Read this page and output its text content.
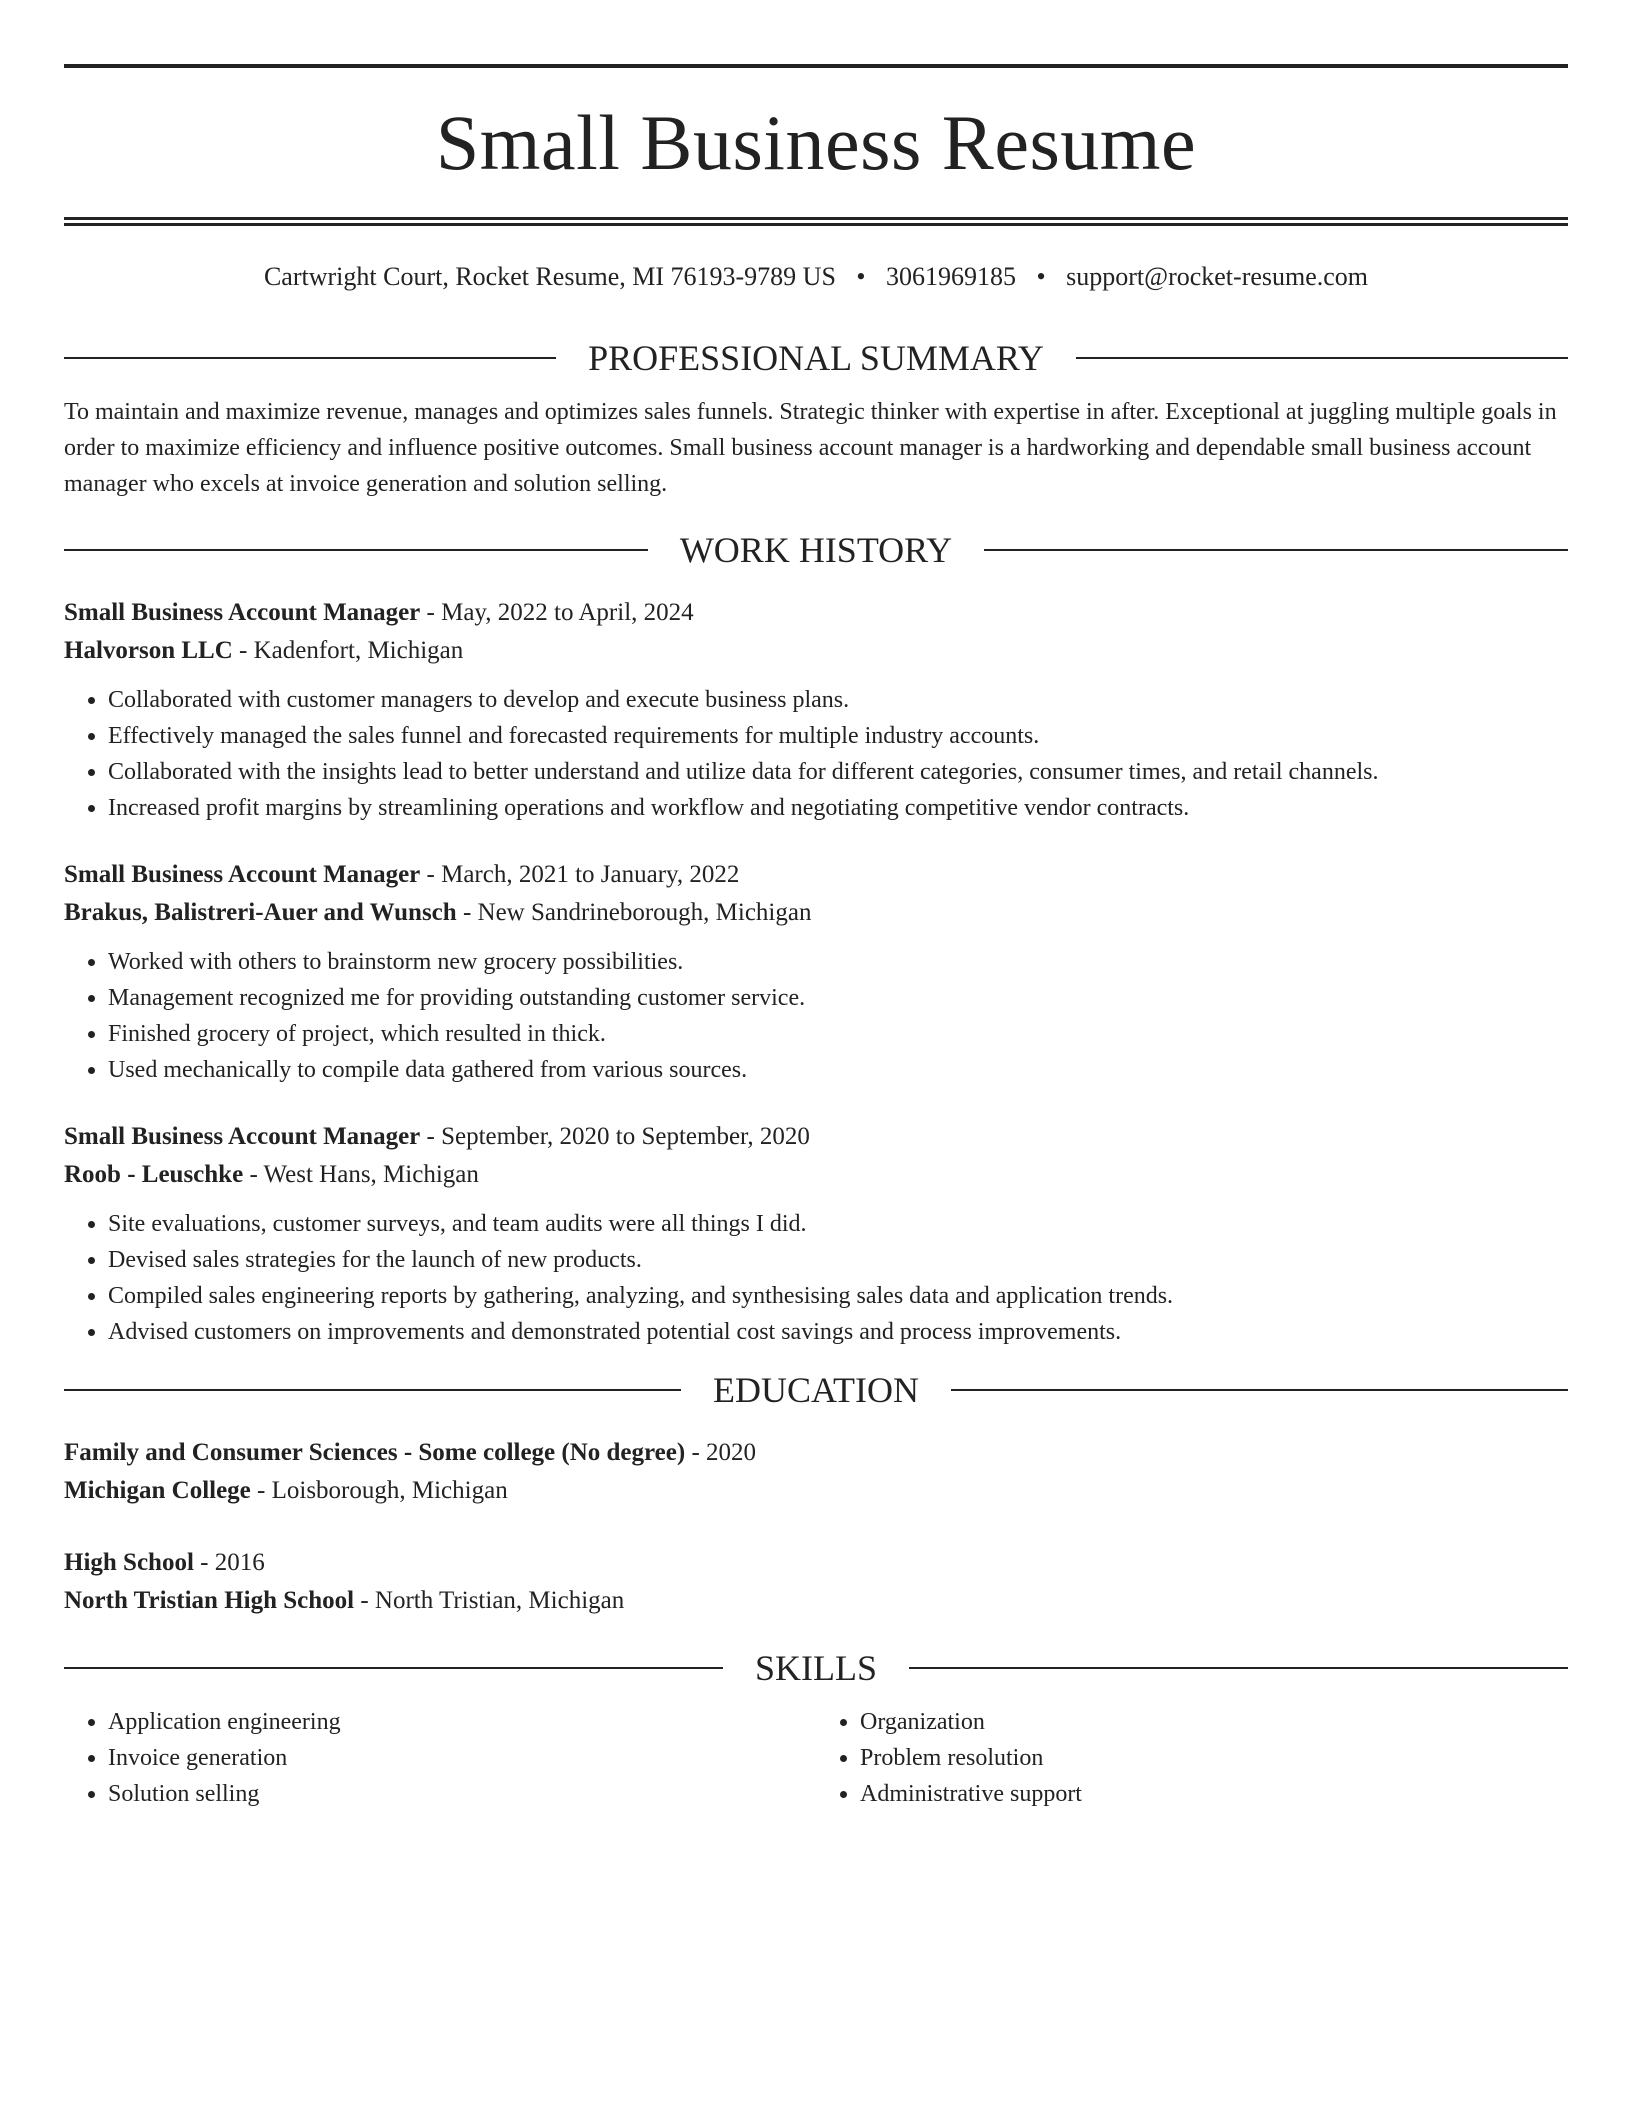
Small Business Resume
Cartwright Court, Rocket Resume, MI 76193-9789 US • 3061969185 • support@rocket-resume.com
PROFESSIONAL SUMMARY

To maintain and maximize revenue, manages and optimizes sales funnels. Strategic thinker with expertise in after. Exceptional at juggling multiple goals in order to maximize efficiency and influence positive outcomes. Small business account manager is a hardworking and dependable small business account manager who excels at invoice generation and solution selling.

WORK HISTORY

Small Business Account Manager - May, 2022 to April, 2024

Halvorson LLC - Kadenfort, Michigan

• Collaborated with customer managers to develop and execute business plans.
• Effectively managed the sales funnel and forecasted requirements for multiple industry accounts.
• Collaborated with the insights lead to better understand and utilize data for different categories, consumer times, and retail channels.
• Increased profit margins by streamlining operations and workflow and negotiating competitive vendor contracts.

Small Business Account Manager - March, 2021 to January, 2022

Brakus, Balistreri-Auer and Wunsch - New Sandrineborough, Michigan

• Worked with others to brainstorm new grocery possibilities.
• Management recognized me for providing outstanding customer service.
• Finished grocery of project, which resulted in thick.
• Used mechanically to compile data gathered from various sources.

Small Business Account Manager - September, 2020 to September, 2020

Roob - Leuschke - West Hans, Michigan

• Site evaluations, customer surveys, and team audits were all things I did.
• Devised sales strategies for the launch of new products.
• Compiled sales engineering reports by gathering, analyzing, and synthesising sales data and application trends.
• Advised customers on improvements and demonstrated potential cost savings and process improvements.
EDUCATION

Family and Consumer Sciences - Some college (No degree) - 2020

Michigan College - Loisborough, Michigan

High School - 2016

North Tristian High School - North Tristian, Michigan

SKILLS
• Application engineering
• Invoice generation
• Solution selling
• Organization
• Problem resolution
• Administrative support
